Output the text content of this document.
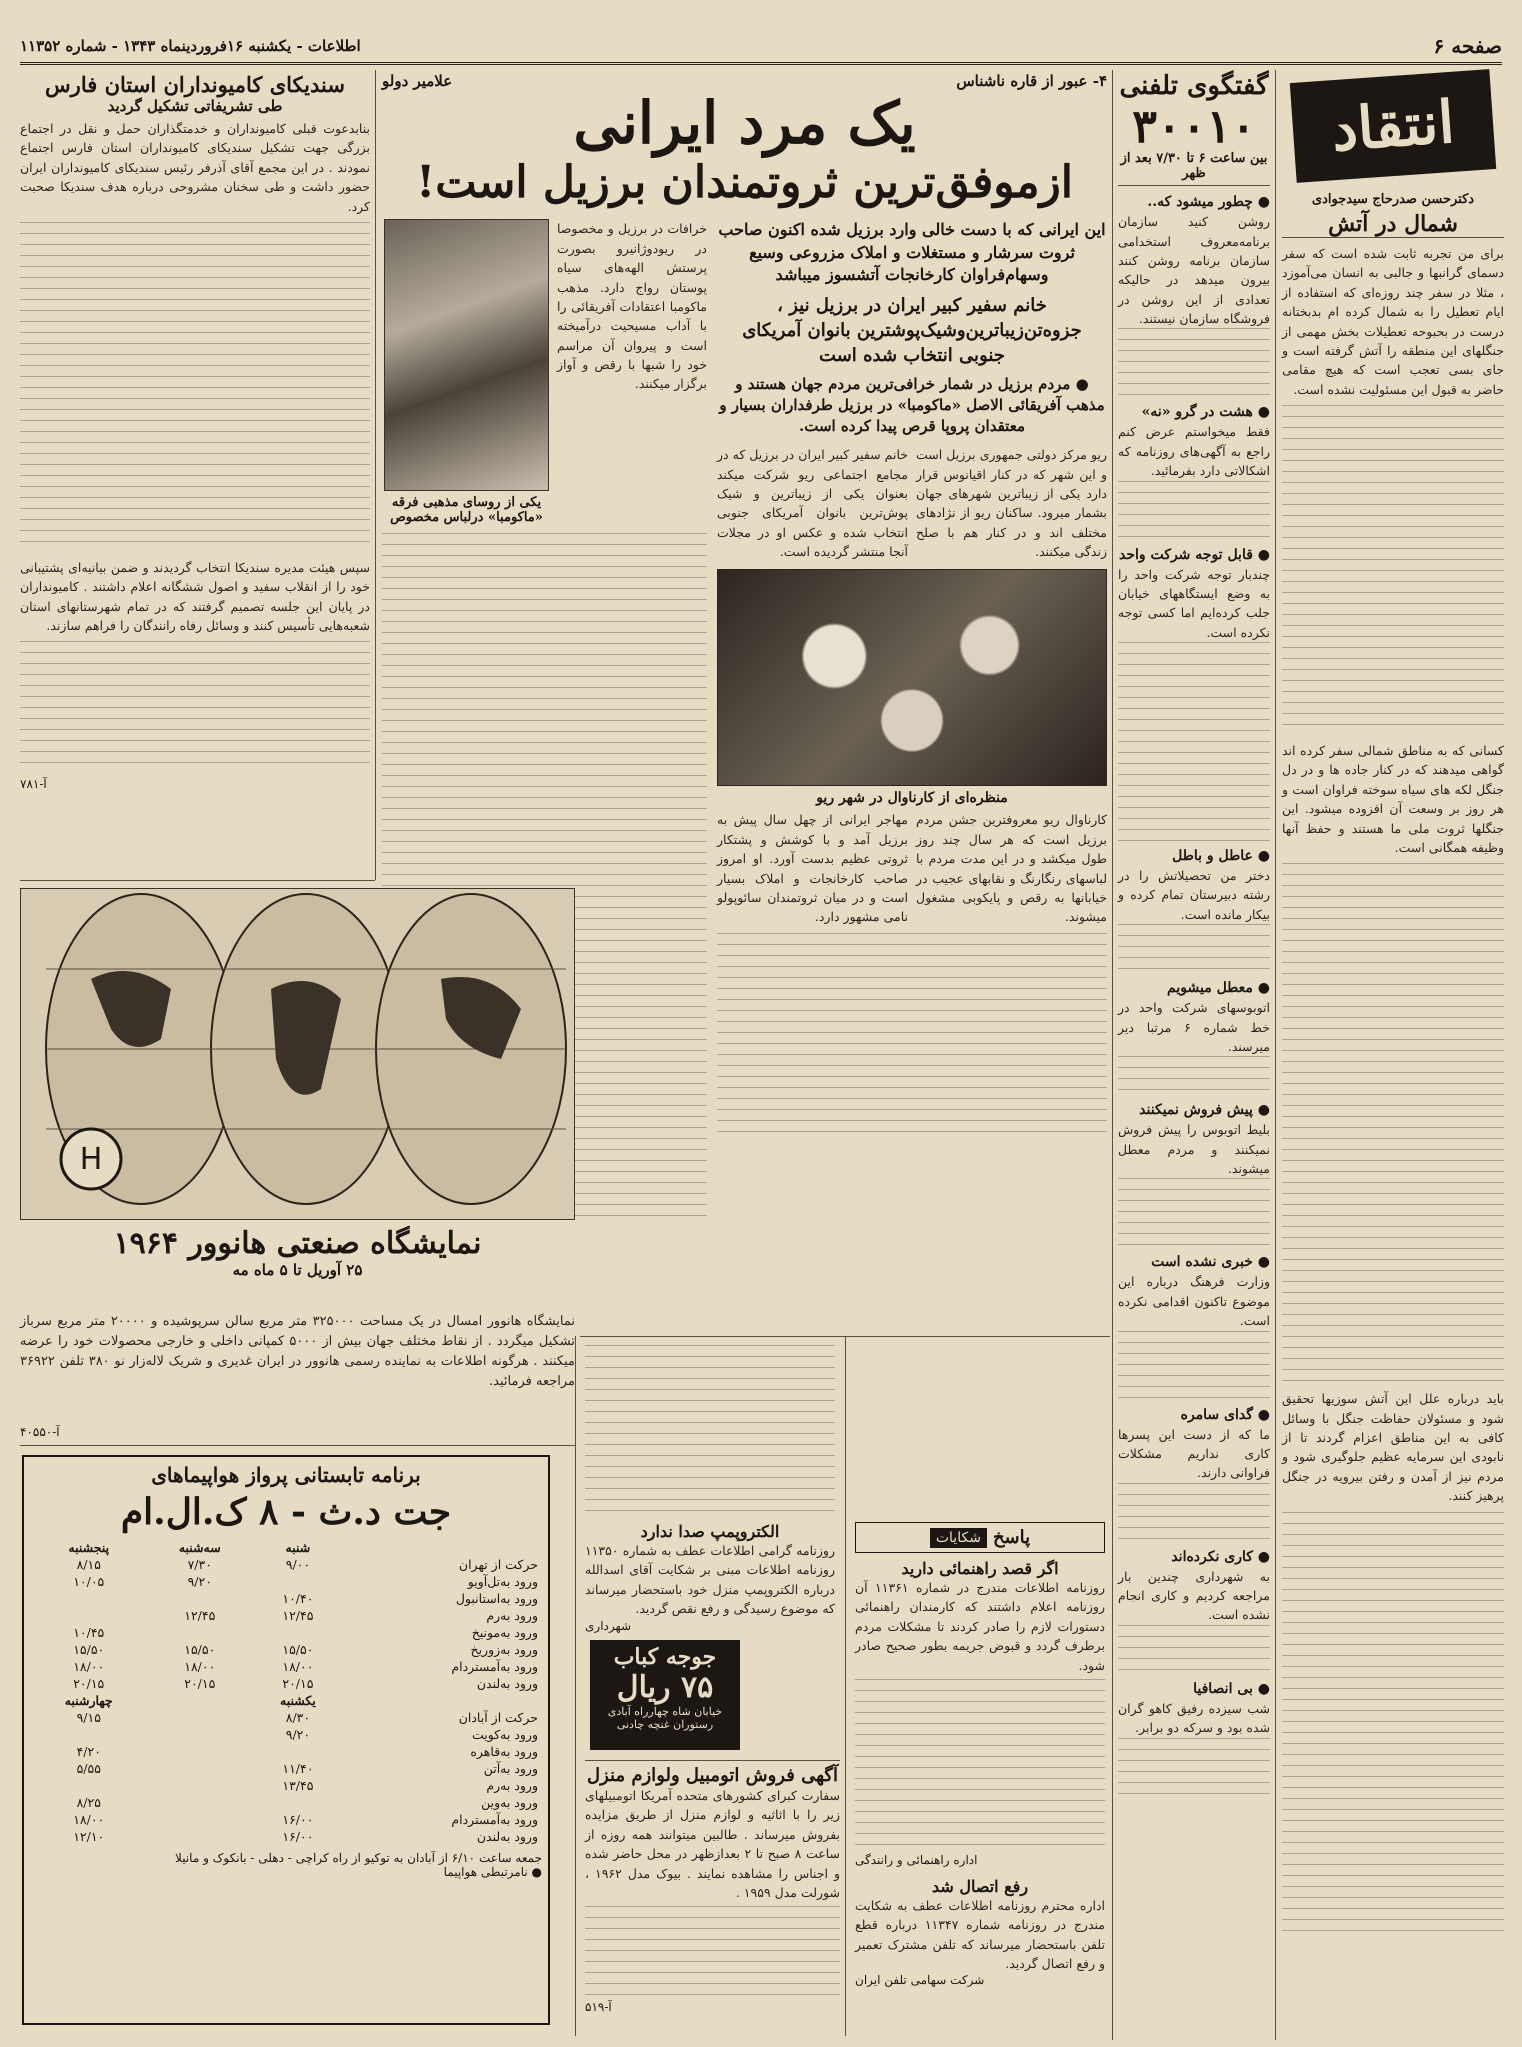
صفحه ۶
اطلاعات - یکشنبه ۱۶فروردینماه ۱۳۴۳ - شماره ۱۱۳۵۲
انتقاد
دکترحسن صدرحاج سیدجوادی
شمال در آتش
برای من تجربه ثابت شده است که سفر دسمای گرانبها و جالبی به انسان می‌آموزد ، مثلا در سفر چند روزه‌ای که استفاده از ایام تعطیل را به شمال کرده ام بدبختانه درست در بحبوحه تعطیلات بخش مهمی از جنگلهای این منطقه را آتش گرفته است و جای بسی تعجب است که هیچ مقامی حاضر به قبول این مسئولیت نشده است.
کسانی که به مناطق شمالی سفر کرده اند گواهی میدهند که در کنار جاده ها و در دل جنگل لکه های سیاه سوخته فراوان است و هر روز بر وسعت آن افزوده میشود. این جنگلها ثروت ملی ما هستند و حفظ آنها وظیفه همگانی است.
باید درباره علل این آتش سوزیها تحقیق شود و مسئولان حفاظت جنگل با وسائل کافی به این مناطق اعزام گردند تا از نابودی این سرمایه عظیم جلوگیری شود و مردم نیز از آمدن و رفتن بیرویه در جنگل پرهیز کنند.
گفتگوی تلفنی
۳۰۰۱۰
بین ساعت ۶ تا ۷/۳۰ بعد از ظهر
● چطور میشود که..
روشن کنید سازمان برنامه‌معروف استخدامی سازمان برنامه روشن کنند بیرون میدهد در حالیکه تعدادی از این روشن در فروشگاه سازمان نیستند.
● هشت در گرو «نه»
فقط میخواستم عرض کنم راجع به آگهی‌های روزنامه که اشکالاتی دارد بفرمائید.
● قابل توجه شرکت واحد
چندبار توجه شرکت واحد را به وضع ایستگاههای خیابان جلب کرده‌ایم اما کسی توجه نکرده است.
● عاطل و باطل
دختر من تحصیلاتش را در رشته دبیرستان تمام کرده و بیکار مانده است.
● معطل میشویم
اتوبوسهای شرکت واحد در خط شماره ۶ مرتبا دیر میرسند.
● پیش فروش نمیکنند
بلیط اتوبوس را پیش فروش نمیکنند و مردم معطل میشوند.
● خبری نشده است
وزارت فرهنگ درباره این موضوع تاکنون اقدامی نکرده است.
● گدای سامره
ما که از دست این پسرها کاری نداریم مشکلات فراوانی دارند.
● کاری نکرده‌اند
به شهرداری چندین بار مراجعه کردیم و کاری انجام نشده است.
● بی انصافیا
شب سیزده رفیق کاهو گران شده بود و سرکه دو برابر.
۴- عبور از قاره ناشناس
علامیر دولو
یک مرد ایرانی
ازموفق‌ترین ثروتمندان برزیل است!
این ایرانی که با دست خالی وارد برزیل شده اکنون صاحب ثروت سرشار و مستغلات و املاک مزروعی وسیع وسهام‌فراوان کارخانجات آتشسوز میباشد
خانم سفیر کبیر ایران در برزیل نیز ، جزوه‌تن‌زیباترین‌وشیک‌پوشترین بانوان آمریکای جنوبی انتخاب شده است
● مردم برزیل در شمار خرافی‌ترین مردم جهان هستند و مذهب آفریقائی الاصل «ماکومبا» در برزیل طرفداران بسیار و معتقدان پروپا قرص پیدا کرده است.
ریو مرکز دولتی جمهوری برزیل است و این شهر که در کنار اقیانوس قرار دارد یکی از زیباترین شهرهای جهان بشمار میرود. ساکنان ریو از نژادهای مختلف اند و در کنار هم با صلح زندگی میکنند.
خانم سفیر کبیر ایران در برزیل که در مجامع اجتماعی ریو شرکت میکند بعنوان یکی از زیباترین و شیک پوش‌ترین بانوان آمریکای جنوبی انتخاب شده و عکس او در مجلات آنجا منتشر گردیده است.
منظره‌ای از کارناوال در شهر ریو
کارناوال ریو معروفترین جشن مردم برزیل است که هر سال چند روز طول میکشد و در این مدت مردم با لباسهای رنگارنگ و نقابهای عجیب در خیابانها به رقص و پایکوبی مشغول میشوند.
مهاجر ایرانی از چهل سال پیش به برزیل آمد و با کوشش و پشتکار ثروتی عظیم بدست آورد. او امروز صاحب کارخانجات و املاک بسیار است و در میان ثروتمندان سائوپولو نامی مشهور دارد.
خرافات در برزیل و مخصوصا در ریودوژانیرو بصورت پرستش الهه‌های سیاه پوستان رواج دارد. مذهب ماکومبا اعتقادات آفریقائی را با آداب مسیحیت درآمیخته است و پیروان آن مراسم خود را شبها با رقص و آواز برگزار میکنند.
یکی از روسای مذهبی فرقه «ماکومبا» درلباس مخصوص
سندیکای کامیونداران استان فارس
طی تشریفاتی تشکیل گردید
بنابدعوت قبلی کامیونداران و خدمتگذاران حمل و نقل در اجتماع بزرگی جهت تشکیل سندیکای کامیونداران استان فارس اجتماع نمودند . در این مجمع آقای آذرفر رئیس سندیکای کامیونداران ایران حضور داشت و طی سخنان مشروحی درباره هدف سندیکا صحبت کرد.
سپس هیئت مدیره سندیکا انتخاب گردیدند و ضمن بیانیه‌ای پشتیبانی خود را از انقلاب سفید و اصول ششگانه اعلام داشتند . کامیونداران در پایان این جلسه تصمیم گرفتند که در تمام شهرستانهای استان شعبه‌هایی تأسیس کنند و وسائل رفاه رانندگان را فراهم سازند.
آ-۷۸۱
H
نمایشگاه صنعتی هانوور ۱۹۶۴
۲۵ آوریل تا ۵ ماه مه
نمایشگاه هانوور امسال در یک مساحت ۳۲۵۰۰۰ متر مربع سالن سرپوشیده و ۲۰۰۰۰ متر مربع سرباز تشکیل میگردد . از نقاط مختلف جهان بیش از ۵۰۰۰ کمپانی داخلی و خارجی محصولات خود را عرضه میکنند . هرگونه اطلاعات به نماینده رسمی هانوور در ایران غدیری و شریک لاله‌زار نو ۳۸۰ تلفن ۳۶۹۲۲ مراجعه فرمائید.
آ-۴۰۵۵۰
برنامه تابستانی پرواز هواپیماهای
جت د.ث - ۸ ک.ال.ام
	شنبه	سه‌شنبه	پنجشنبه
حرکت از تهران	۹/۰۰	۷/۳۰	۸/۱۵
ورود به‌تل‌آویو		۹/۲۰	۱۰/۰۵
ورود به‌استانبول	۱۰/۴۰		
ورود به‌رم	۱۲/۴۵	۱۲/۴۵	
ورود به‌مونیخ			۱۰/۴۵
ورود به‌زوریخ	۱۵/۵۰	۱۵/۵۰	۱۵/۵۰
ورود به‌آمستردام	۱۸/۰۰	۱۸/۰۰	۱۸/۰۰
ورود به‌لندن	۲۰/۱۵	۲۰/۱۵	۲۰/۱۵
	یکشنبه		چهارشنبه
حرکت از آبادان	۸/۳۰		۹/۱۵
ورود به‌کویت	۹/۲۰		
ورود به‌قاهره			۴/۲۰
ورود به‌آتن	۱۱/۴۰		۵/۵۵
ورود به‌رم	۱۳/۴۵		
ورود به‌وین			۸/۲۵
ورود به‌آمستردام	۱۶/۰۰		۱۸/۰۰
ورود به‌لندن	۱۶/۰۰		۱۲/۱۰
جمعه ساعت ۶/۱۰ از آبادان به توکیو از راه کراچی - دهلی - بانکوک و مانیلا
● نامرتبطی هواپیما
پاسخ
شکایات
اگر قصد راهنمائی دارید
روزنامه اطلاعات مندرج در شماره ۱۱۳۶۱ آن روزنامه اعلام داشتند که کارمندان راهنمائی دستورات لازم را صادر کردند تا مشکلات مردم برطرف گردد و قبوض جریمه بطور صحیح صادر شود.
اداره راهنمائی و رانندگی
رفع اتصال شد
اداره محترم روزنامه اطلاعات عطف به شکایت مندرج در روزنامه شماره ۱۱۳۴۷ درباره قطع تلفن باستحضار میرساند که تلفن مشترک تعمیر و رفع اتصال گردید.
شرکت سهامی تلفن ایران
الکتروپمپ صدا ندارد
روزنامه گرامی اطلاعات عطف به شماره ۱۱۳۵۰ روزنامه اطلاعات مبنی بر شکایت آقای اسدالله درباره الکتروپمپ منزل خود باستحضار میرساند که موضوع رسیدگی و رفع نقص گردید.
شهرداری
جوجه کباب
۷۵ ریال
خیابان شاه چهارراه آبادی
رستوران غنچه چادنی
آگهی فروش اتومبیل ولوازم منزل
سفارت کبرای کشورهای متحده آمریکا اتومبیلهای زیر را با اثاثیه و لوازم منزل از طریق مزایده بفروش میرساند . طالبین میتوانند همه روزه از ساعت ۸ صبح تا ۲ بعدازظهر در محل حاضر شده و اجناس را مشاهده نمایند . بیوک مدل ۱۹۶۲ ، شورلت مدل ۱۹۵۹ .
آ-۵۱۹
